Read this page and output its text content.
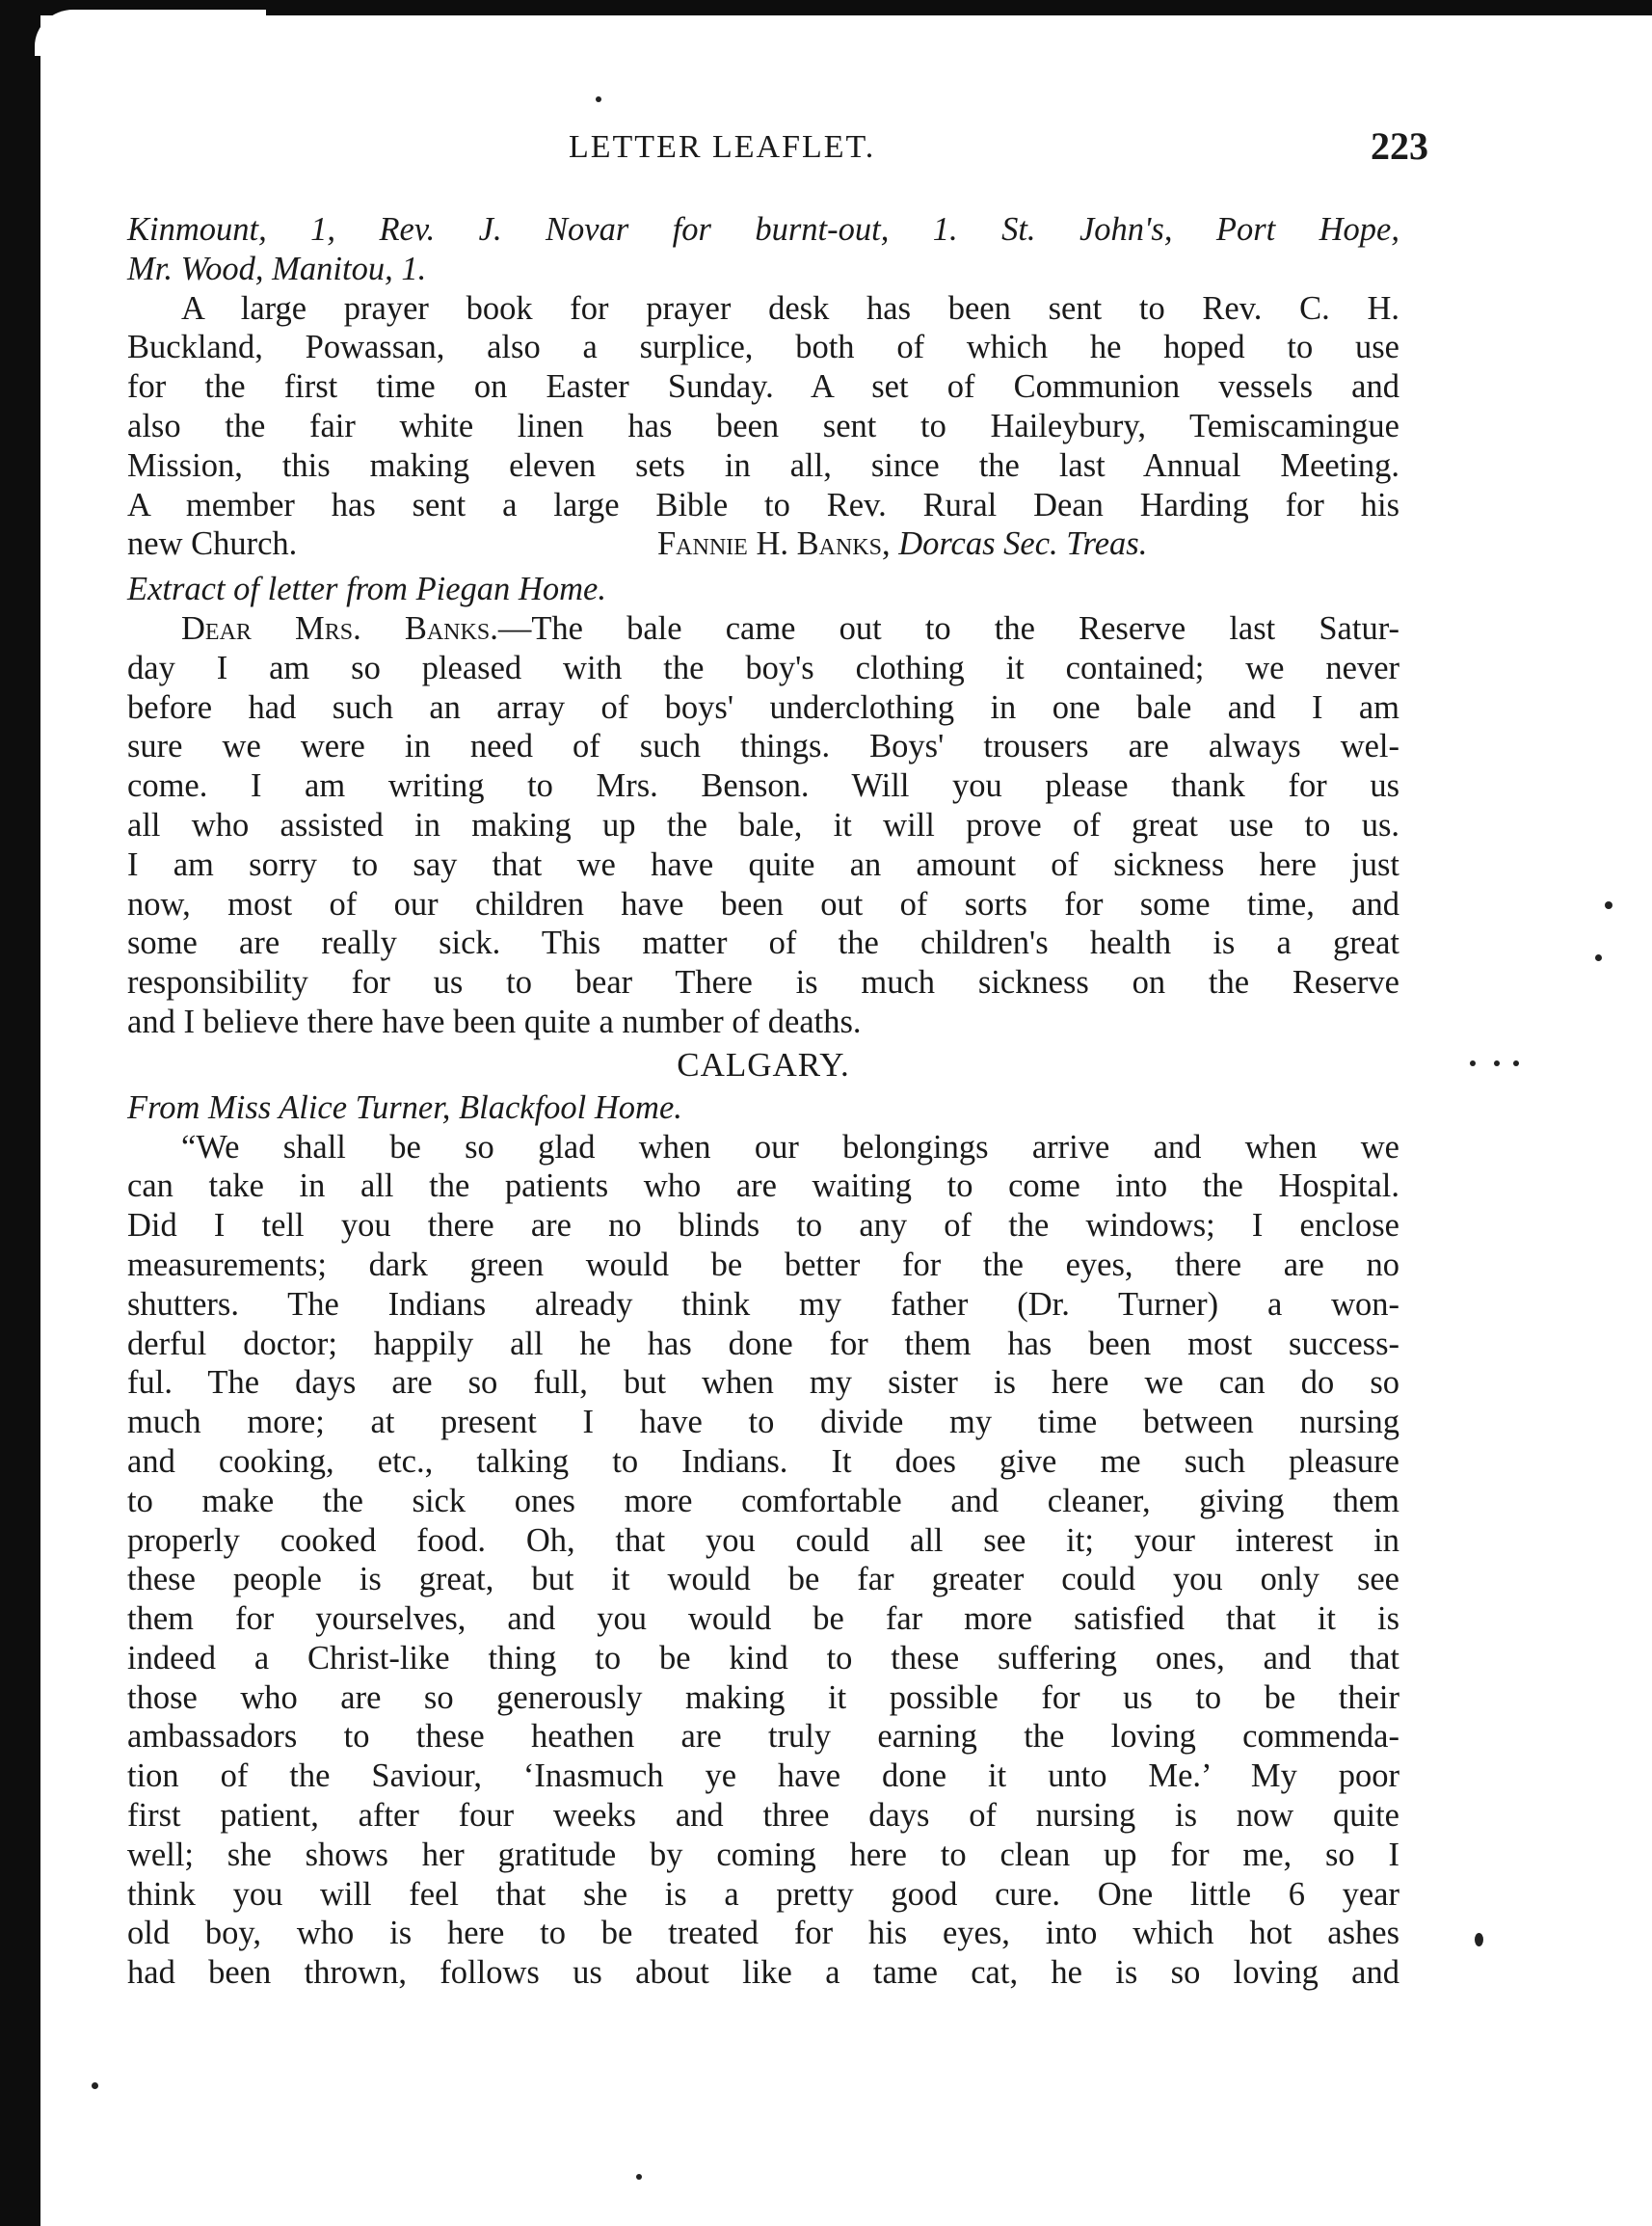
LETTER LEAFLET.	223
Kinmount, 1, Rev. J. Novar for burnt-out, 1. St. John's, Port Hope,
Mr. Wood, Manitou, 1.
A large prayer book for prayer desk has been sent to Rev. C. H.
Buckland, Powassan, also a surplice, both of which he hoped to use
for the first time on Easter Sunday. A set of Communion vessels and
also the fair white linen has been sent to Haileybury, Temiscamingue
Mission, this making eleven sets in all, since the last Annual Meeting.
A member has sent a large Bible to Rev. Rural Dean Harding for his
new Church.	Fannie H. Banks, Dorcas Sec. Treas.
Extract of letter from Piegan Home.
Dear Mrs. Banks.—The bale came out to the Reserve last Satur-
day I am so pleased with the boy's clothing it contained; we never
before had such an array of boys' underclothing in one bale and I am
sure we were in need of such things. Boys' trousers are always wel-
come. I am writing to Mrs. Benson. Will you please thank for us
all who assisted in making up the bale, it will prove of great use to us.
I am sorry to say that we have quite an amount of sickness here just
now, most of our children have been out of sorts for some time, and
some are really sick. This matter of the children's health is a great
responsibility for us to bear There is much sickness on the Reserve
and I believe there have been quite a number of deaths.
CALGARY.
From Miss Alice Turner, Blackfool Home.
“We shall be so glad when our belongings arrive and when we
can take in all the patients who are waiting to come into the Hospital.
Did I tell you there are no blinds to any of the windows; I enclose
measurements; dark green would be better for the eyes, there are no
shutters. The Indians already think my father (Dr. Turner) a won-
derful doctor; happily all he has done for them has been most success-
ful. The days are so full, but when my sister is here we can do so
much more; at present I have to divide my time between nursing
and cooking, etc., talking to Indians. It does give me such pleasure
to make the sick ones more comfortable and cleaner, giving them
properly cooked food. Oh, that you could all see it; your interest in
these people is great, but it would be far greater could you only see
them for yourselves, and you would be far more satisfied that it is
indeed a Christ-like thing to be kind to these suffering ones, and that
those who are so generously making it possible for us to be their
ambassadors to these heathen are truly earning the loving commenda-
tion of the Saviour, ‘Inasmuch ye have done it unto Me.’ My poor
first patient, after four weeks and three days of nursing is now quite
well; she shows her gratitude by coming here to clean up for me, so I
think you will feel that she is a pretty good cure. One little 6 year
old boy, who is here to be treated for his eyes, into which hot ashes
had been thrown, follows us about like a tame cat, he is so loving and
